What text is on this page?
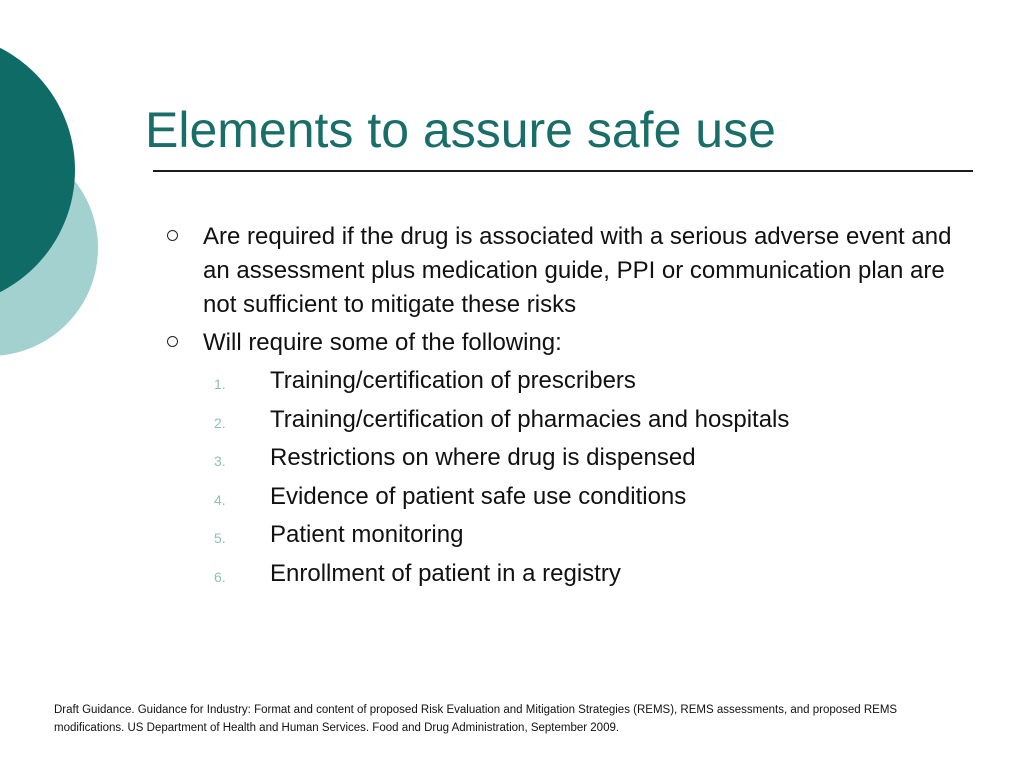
Elements to assure safe use
Are required if the drug is associated with a serious adverse event and an assessment plus medication guide, PPI or communication plan are not sufficient to mitigate these risks
Will require some of the following:
1. Training/certification of prescribers
2. Training/certification of pharmacies and hospitals
3. Restrictions on where drug is dispensed
4. Evidence of patient safe use conditions
5. Patient monitoring
6. Enrollment of patient in a registry

Draft Guidance. Guidance for Industry: Format and content of proposed Risk Evaluation and Mitigation Strategies (REMS), REMS assessments, and proposed REMS modifications. US Department of Health and Human Services. Food and Drug Administration, September 2009.
